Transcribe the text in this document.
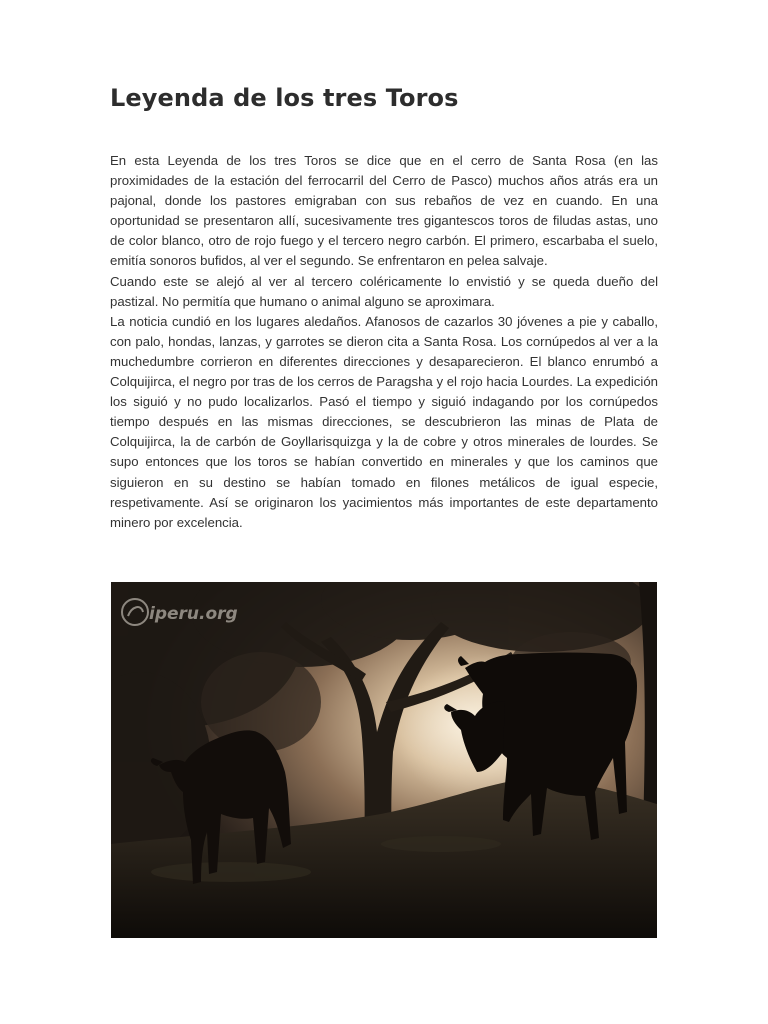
Leyenda de los tres Toros

En esta Leyenda de los tres Toros se dice que en el cerro de Santa Rosa (en las proximidades de la estación del ferrocarril del Cerro de Pasco) muchos años atrás era un pajonal, donde los pastores emigraban con sus rebaños de vez en cuando. En una oportunidad se presentaron allí, sucesivamente tres gigantescos toros de filudas astas, uno de color blanco, otro de rojo fuego y el tercero negro carbón. El primero, escarbaba el suelo, emitía sonoros bufidos, al ver el segundo. Se enfrentaron en pelea salvaje.

Cuando este se alejó al ver al tercero coléricamente lo envistió y se queda dueño del pastizal. No permitía que humano o animal alguno se aproximara.

La noticia cundió en los lugares aledaños. Afanosos de cazarlos 30 jóvenes a pie y caballo, con palo, hondas, lanzas, y garrotes se dieron cita a Santa Rosa. Los cornúpedos al ver a la muchedumbre corrieron en diferentes direcciones y desaparecieron. El blanco enrumbó a Colquijirca, el negro por tras de los cerros de Paragsha y el rojo hacia Lourdes. La expedición los siguió y no pudo localizarlos. Pasó el tiempo y siguió indagando por los cornúpedos tiempo después en las mismas direcciones, se descubrieron las minas de Plata de Colquijirca, la de carbón de Goyllarisquizga y la de cobre y otros minerales de lourdes. Se supo entonces que los toros se habían convertido en minerales y que los caminos que siguieron en su destino se habían tomado en filones metálicos de igual especie, respetivamente. Así se originaron los yacimientos más importantes de este departamento minero por excelencia.

iperu.org
